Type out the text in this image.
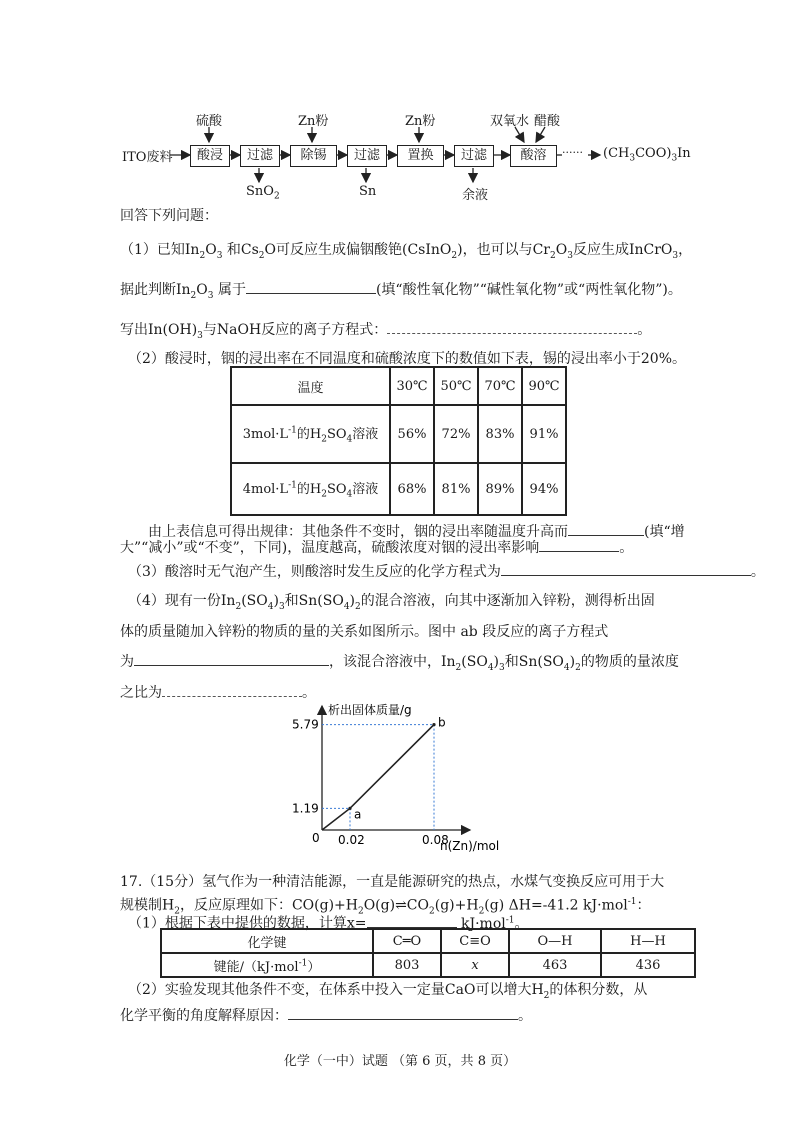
ITO废料	酸浸	过滤	除锡	过滤	置换	过滤	酸溶	······ $(CH_3COO)_3In$
硫酸	Zn粉	Zn粉	双氧水 醋酸
SnO$_2$	Sn	余液
回答下列问题：
（1）已知$In_2O_3$ 和$Cs_2O$可反应生成偏铟酸铯(CsInO$_2$)，也可以与$Cr_2O_3$反应生成InCrO$_3$，
据此判断$In_2O_3$ 属于	(填“酸性氧化物”“碱性氧化物”或“两性氧化物”)。
写出$In(OH)_3$与NaOH反应的离子方程式：	。
（2）酸浸时，铟的浸出率在不同温度和硫酸浓度下的数值如下表，锡的浸出率小于20%。
温度	30℃	50℃	70℃	90℃
$3mol\cdot L^{-1}$的$H_2SO_4$溶液	56%	72%	83%	91%
$4mol\cdot L^{-1}$的$H_2SO_4$溶液	68%	81%	89%	94%
由上表信息可得出规律：其他条件不变时，铟的浸出率随温度升高而	(填“增
大”“减小”或“不变”，下同)，温度越高，硫酸浓度对铟的浸出率影响	。
（3）酸溶时无气泡产生，则酸溶时发生反应的化学方程式为	。
（4）现有一份$In_2(SO_4)_3$和$Sn(SO_4)_2$的混合溶液，向其中逐渐加入锌粉，测得析出固
体的质量随加入锌粉的物质的量的关系如图所示。图中 ab 段反应的离子方程式
为	，该混合溶液中，$In_2(SO_4)_3$和$Sn(SO_4)_2$的物质的量浓度
之比为	。
析出固体质量/g
n(Zn)/mol
0
a
b
0.02	0.08
1.19
5.79
17.（15分）氢气作为一种清洁能源，一直是能源研究的热点，水煤气变换反应可用于大
规模制$H_2$，反应原理如下：$CO(g)+H_2O(g)\rightleftharpoons CO_2(g)+H_2(g)$ ΔH=-41.2 kJ·mol$^{-1}$：
（1）根据下表中提供的数据，计算x=	kJ·mol$^{-1}$。
化学键	C═O	C≡O	O—H	H—H
键能/（kJ·mol$^{-1}$）	803	x	463	436
（2）实验发现其他条件不变，在体系中投入一定量CaO可以增大$H_2$的体积分数，从
化学平衡的角度解释原因：	。
化学（一中）试题 （第 6 页，共 8 页）
